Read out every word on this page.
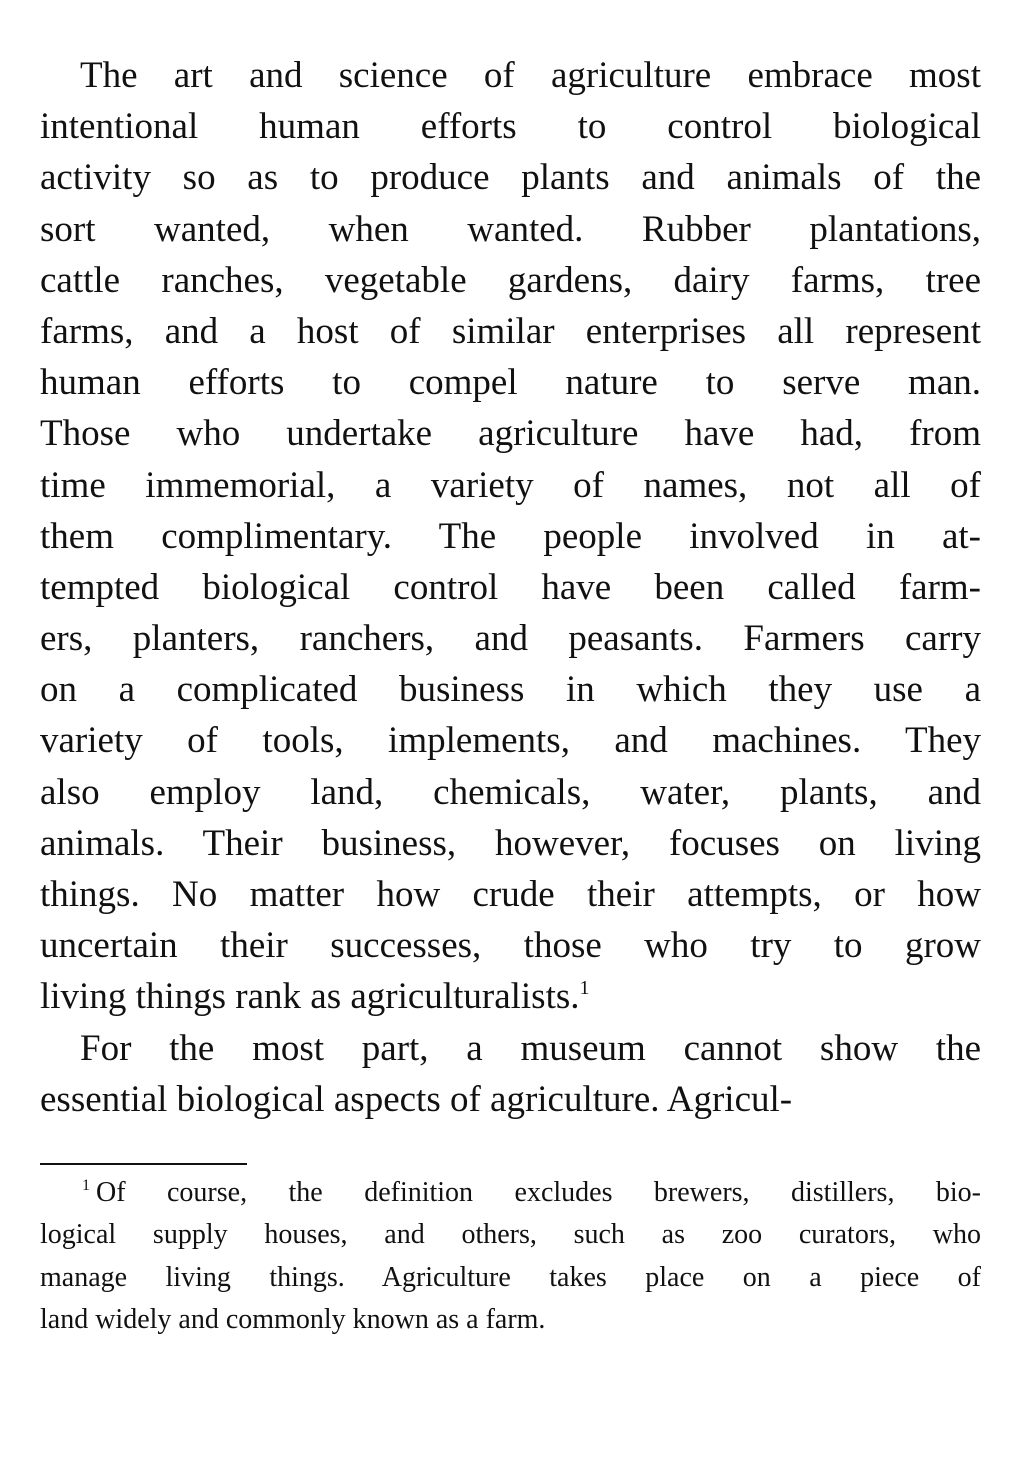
The art and science of agriculture embrace most
intentional human efforts to control biological
activity so as to produce plants and animals of the
sort wanted, when wanted. Rubber plantations,
cattle ranches, vegetable gardens, dairy farms, tree
farms, and a host of similar enterprises all represent
human efforts to compel nature to serve man.
Those who undertake agriculture have had, from
time immemorial, a variety of names, not all of
them complimentary. The people involved in at-
tempted biological control have been called farm-
ers, planters, ranchers, and peasants. Farmers carry
on a complicated business in which they use a
variety of tools, implements, and machines. They
also employ land, chemicals, water, plants, and
animals. Their business, however, focuses on living
things. No matter how crude their attempts, or how
uncertain their successes, those who try to grow
living things rank as agriculturalists.$^1$
For the most part, a museum cannot show the
essential biological aspects of agriculture. Agricul-
$^1$ Of course, the definition excludes brewers, distillers, bio-
logical supply houses, and others, such as zoo curators, who
manage living things. Agriculture takes place on a piece of
land widely and commonly known as a farm.
